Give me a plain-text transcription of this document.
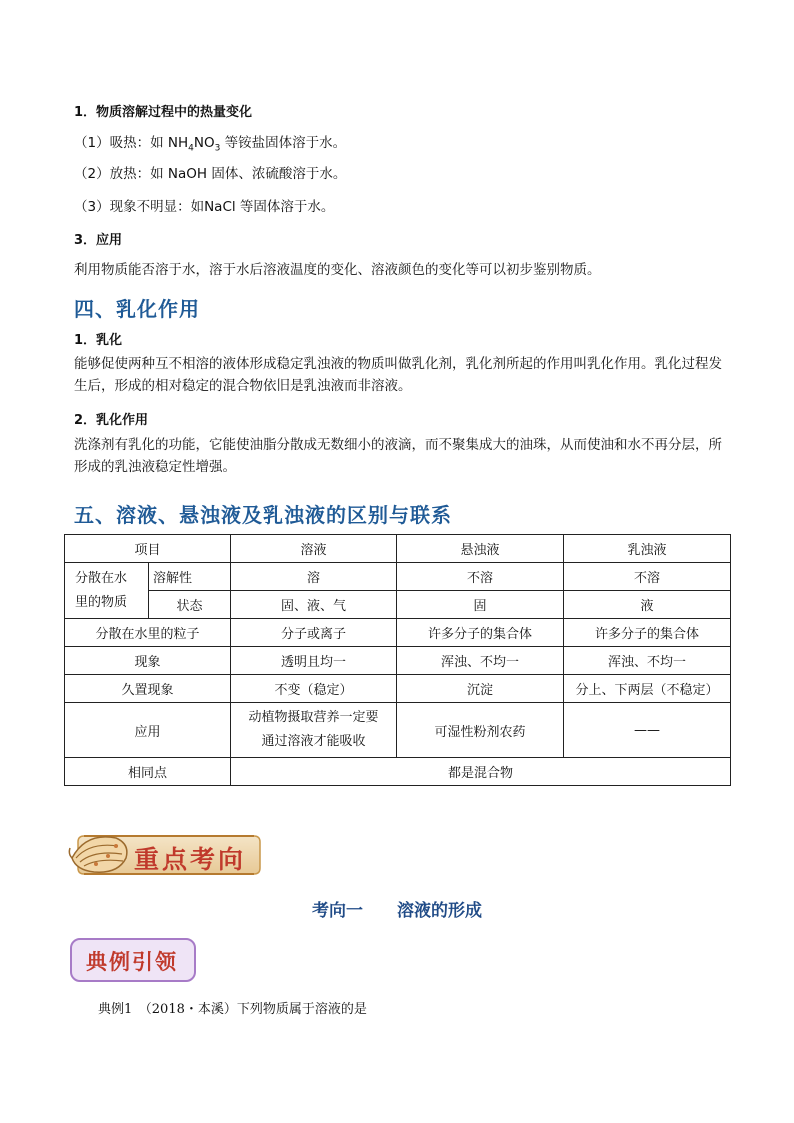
1．物质溶解过程中的热量变化
（1）吸热：如 $NH_4NO_3$ 等铵盐固体溶于水。
（2）放热：如 NaOH 固体、浓硫酸溶于水。
（3）现象不明显：如NaCl 等固体溶于水。
3．应用
利用物质能否溶于水，溶于水后溶液温度的变化、溶液颜色的变化等可以初步鉴别物质。
四、乳化作用
1．乳化
能够促使两种互不相溶的液体形成稳定乳浊液的物质叫做乳化剂，乳化剂所起的作用叫乳化作用。乳化过程发生后，形成的相对稳定的混合物依旧是乳浊液而非溶液。
2．乳化作用
洗涤剂有乳化的功能，它能使油脂分散成无数细小的液滴，而不聚集成大的油珠，从而使油和水不再分层，所形成的乳浊液稳定性增强。
五、溶液、悬浊液及乳浊液的区别与联系
项目		溶液	悬浊液	乳浊液
分散在水里的物质	溶解性	溶	不溶	不溶
	状态	固、液、气	固	液
分散在水里的粒子		分子或离子	许多分子的集合体	许多分子的集合体
现象		透明且均一	浑浊、不均一	浑浊、不均一
久置现象		不变（稳定）	沉淀	分上、下两层（不稳定）
应用		动植物摄取营养一定要通过溶液才能吸收	可湿性粉剂农药	——
相同点		都是混合物		
重点考向
考向一　　溶液的形成
典例引领
典例1　（2018・本溪）下列物质属于溶液的是
